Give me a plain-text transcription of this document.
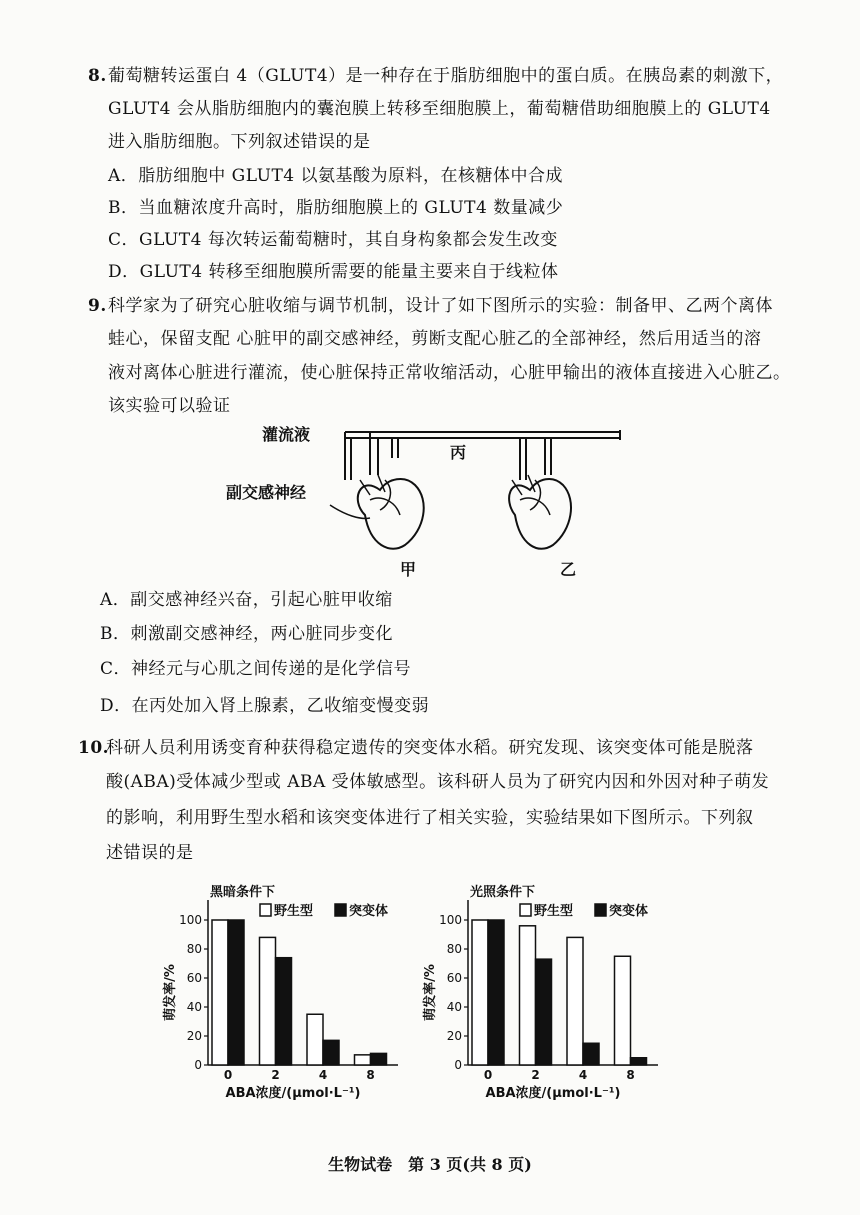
8. 葡萄糖转运蛋白 4（GLUT4）是一种存在于脂肪细胞中的蛋白质。在胰岛素的刺激下，
GLUT4 会从脂肪细胞内的囊泡膜上转移至细胞膜上，葡萄糖借助细胞膜上的 GLUT4
进入脂肪细胞。下列叙述错误的是
A．脂肪细胞中 GLUT4 以氨基酸为原料，在核糖体中合成
B．当血糖浓度升高时，脂肪细胞膜上的 GLUT4 数量减少
C．GLUT4 每次转运葡萄糖时，其自身构象都会发生改变
D．GLUT4 转移至细胞膜所需要的能量主要来自于线粒体
9. 科学家为了研究心脏收缩与调节机制，设计了如下图所示的实验：制备甲、乙两个离体
蛙心，保留支配 心脏甲的副交感神经，剪断支配心脏乙的全部神经，然后用适当的溶
液对离体心脏进行灌流，使心脏保持正常收缩活动，心脏甲输出的液体直接进入心脏乙。
该实验可以验证
灌流液
丙
副交感神经
甲	乙
A．副交感神经兴奋，引起心脏甲收缩
B．刺激副交感神经，两心脏同步变化
C．神经元与心肌之间传递的是化学信号
D．在丙处加入肾上腺素，乙收缩变慢变弱
10.
科研人员利用诱变育种获得稳定遗传的突变体水稻。研究发现、该突变体可能是脱落
酸(ABA)受体减少型或 ABA 受体敏感型。该科研人员为了研究内因和外因对种子萌发
的影响，利用野生型水稻和该突变体进行了相关实验，实验结果如下图所示。下列叙
述错误的是
黑暗条件下
野生型	突变体
0
20
40
60
80
100
萌发率/%
0	2	4	8
ABA浓度/(μmol·L⁻¹)
光照条件下
野生型	突变体
0
20
40
60
80
100
萌发率/%
0	2	4	8
ABA浓度/(μmol·L⁻¹)
生物试卷　第 3 页(共 8 页)
